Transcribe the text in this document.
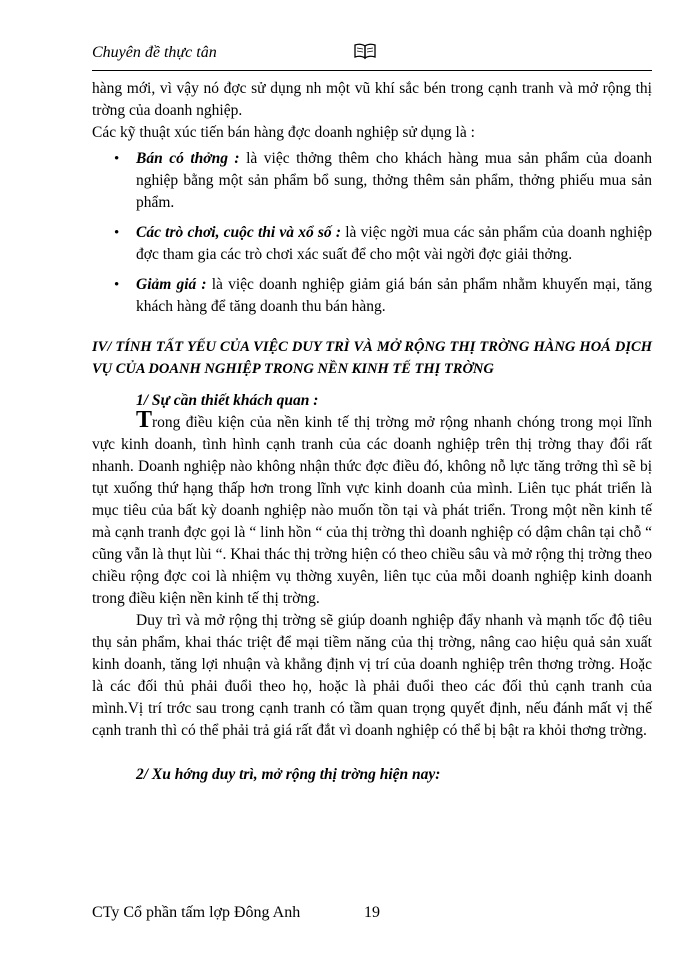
Chuyên đề thực tân

hàng mới, vì vậy nó đợc sử dụng nh một vũ khí sắc bén trong cạnh tranh và mở rộng thị trờng của doanh nghiệp.

Các kỹ thuật xúc tiến bán hàng đợc doanh nghiệp sử dụng là :

• Bán có thởng : là việc thởng thêm cho khách hàng mua sản phẩm của doanh nghiệp bằng một sản phẩm bổ sung, thởng thêm sản phẩm, thởng phiếu mua sản phẩm.
• Các trò chơi, cuộc thi và xổ số : là việc ngời mua các sản phẩm của doanh nghiệp đợc tham gia các trò chơi xác suất để cho một vài ngời đợc giải thởng.
• Giảm giá : là việc doanh nghiệp giảm giá bán sản phẩm nhằm khuyến mại, tăng khách hàng để tăng doanh thu bán hàng.

IV/ TÍNH TẤT YẾU CỦA VIỆC DUY TRÌ VÀ MỞ RỘNG THỊ TRỜNG HÀNG HOÁ DỊCH VỤ CỦA DOANH NGHIỆP TRONG NỀN KINH TẾ THỊ TRỜNG

1/ Sự cần thiết khách quan :

Trong điều kiện của nền kinh tế thị trờng mở rộng nhanh chóng trong mọi lĩnh vực kinh doanh, tình hình cạnh tranh của các doanh nghiệp trên thị trờng thay đổi rất nhanh. Doanh nghiệp nào không nhận thức đợc điều đó, không nỗ lực tăng trởng thì sẽ bị tụt xuống thứ hạng thấp hơn trong lĩnh vực kinh doanh của mình. Liên tục phát triển là mục tiêu của bất kỳ doanh nghiệp nào muốn tồn tại và phát triển. Trong một nền kinh tế mà cạnh tranh đợc gọi là “ linh hồn “ của thị trờng thì doanh nghiệp có dậm chân tại chỗ “ cũng vẫn là thụt lùi “. Khai thác thị trờng hiện có theo chiều sâu và mở rộng thị trờng theo chiều rộng đợc coi là nhiệm vụ thờng xuyên, liên tục của mỗi doanh nghiệp kinh doanh trong điều kiện nền kinh tế thị trờng.

Duy trì và mở rộng thị trờng sẽ giúp doanh nghiệp đẩy nhanh và mạnh tốc độ tiêu thụ sản phẩm, khai thác triệt để mại tiềm năng của thị trờng, nâng cao hiệu quả sản xuất kinh doanh, tăng lợi nhuận và khẳng định vị trí của doanh nghiệp trên thơng trờng. Hoặc là các đối thủ phải đuổi theo họ, hoặc là phải đuổi theo các đối thủ cạnh tranh của mình.Vị trí trớc sau trong cạnh tranh có tầm quan trọng quyết định, nếu đánh mất vị thế cạnh tranh thì có thể phải trả giá rất đắt vì doanh nghiệp có thể bị bật ra khỏi thơng trờng.

2/ Xu hớng duy trì, mở rộng thị trờng hiện nay:

CTy Cổ phần tấm lợp Đông Anh	19
